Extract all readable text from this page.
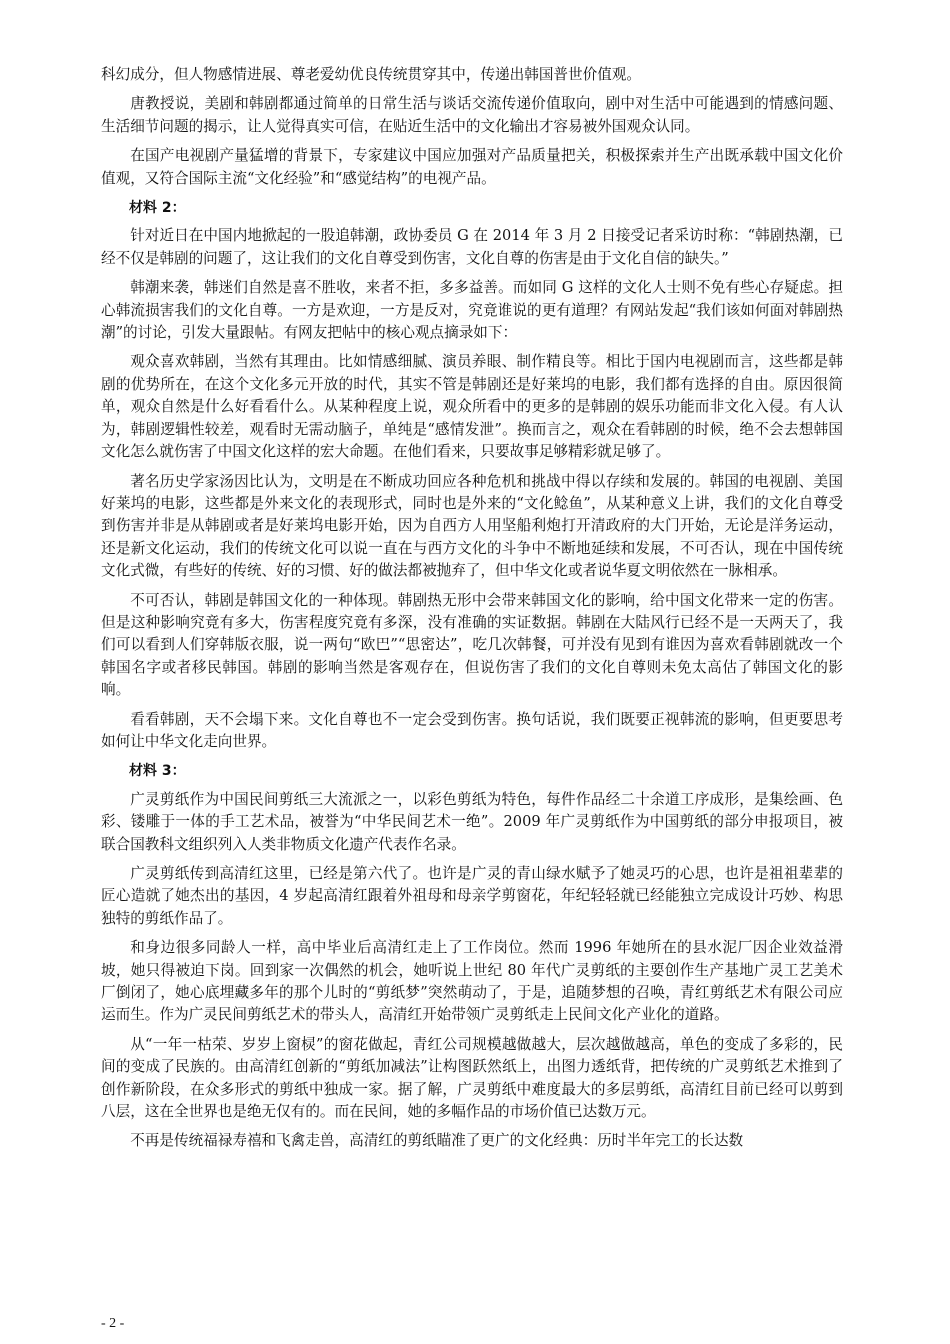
科幻成分，但人物感情进展、尊老爱幼优良传统贯穿其中，传递出韩国普世价值观。

唐教授说，美剧和韩剧都通过简单的日常生活与谈话交流传递价值取向，剧中对生活中可能遇到的情感问题、生活细节问题的揭示，让人觉得真实可信，在贴近生活中的文化输出才容易被外国观众认同。

在国产电视剧产量猛增的背景下，专家建议中国应加强对产品质量把关，积极探索并生产出既承载中国文化价值观，又符合国际主流“文化经验”和“感觉结构”的电视产品。

材料 2：

针对近日在中国内地掀起的一股追韩潮，政协委员 G 在 2014 年 3 月 2 日接受记者采访时称：“韩剧热潮，已经不仅是韩剧的问题了，这让我们的文化自尊受到伤害，文化自尊的伤害是由于文化自信的缺失。”

韩潮来袭，韩迷们自然是喜不胜收，来者不拒，多多益善。而如同 G 这样的文化人士则不免有些心存疑虑。担心韩流损害我们的文化自尊。一方是欢迎，一方是反对，究竟谁说的更有道理？有网站发起“我们该如何面对韩剧热潮”的讨论，引发大量跟帖。有网友把帖中的核心观点摘录如下：

观众喜欢韩剧，当然有其理由。比如情感细腻、演员养眼、制作精良等。相比于国内电视剧而言，这些都是韩剧的优势所在，在这个文化多元开放的时代，其实不管是韩剧还是好莱坞的电影，我们都有选择的自由。原因很简单，观众自然是什么好看看什么。从某种程度上说，观众所看中的更多的是韩剧的娱乐功能而非文化入侵。有人认为，韩剧逻辑性较差，观看时无需动脑子，单纯是“感情发泄”。换而言之，观众在看韩剧的时候，绝不会去想韩国文化怎么就伤害了中国文化这样的宏大命题。在他们看来，只要故事足够精彩就足够了。

著名历史学家汤因比认为，文明是在不断成功回应各种危机和挑战中得以存续和发展的。韩国的电视剧、美国好莱坞的电影，这些都是外来文化的表现形式，同时也是外来的“文化鲶鱼”，从某种意义上讲，我们的文化自尊受到伤害并非是从韩剧或者是好莱坞电影开始，因为自西方人用坚船利炮打开清政府的大门开始，无论是洋务运动，还是新文化运动，我们的传统文化可以说一直在与西方文化的斗争中不断地延续和发展，不可否认，现在中国传统文化式微，有些好的传统、好的习惯、好的做法都被抛弃了，但中华文化或者说华夏文明依然在一脉相承。

不可否认，韩剧是韩国文化的一种体现。韩剧热无形中会带来韩国文化的影响，给中国文化带来一定的伤害。但是这种影响究竟有多大，伤害程度究竟有多深，没有准确的实证数据。韩剧在大陆风行已经不是一天两天了，我们可以看到人们穿韩版衣服，说一两句“欧巴”“思密达”，吃几次韩餐，可并没有见到有谁因为喜欢看韩剧就改一个韩国名字或者移民韩国。韩剧的影响当然是客观存在，但说伤害了我们的文化自尊则未免太高估了韩国文化的影响。

看看韩剧，天不会塌下来。文化自尊也不一定会受到伤害。换句话说，我们既要正视韩流的影响，但更要思考如何让中华文化走向世界。

材料 3：

广灵剪纸作为中国民间剪纸三大流派之一，以彩色剪纸为特色，每件作品经二十余道工序成形，是集绘画、色彩、镂雕于一体的手工艺术品，被誉为“中华民间艺术一绝”。2009 年广灵剪纸作为中国剪纸的部分申报项目，被联合国教科文组织列入人类非物质文化遗产代表作名录。

广灵剪纸传到高清红这里，已经是第六代了。也许是广灵的青山绿水赋予了她灵巧的心思，也许是祖祖辈辈的匠心造就了她杰出的基因，4 岁起高清红跟着外祖母和母亲学剪窗花，年纪轻轻就已经能独立完成设计巧妙、构思独特的剪纸作品了。

和身边很多同龄人一样，高中毕业后高清红走上了工作岗位。然而 1996 年她所在的县水泥厂因企业效益滑坡，她只得被迫下岗。回到家一次偶然的机会，她听说上世纪 80 年代广灵剪纸的主要创作生产基地广灵工艺美术厂倒闭了，她心底埋藏多年的那个儿时的“剪纸梦”突然萌动了，于是，追随梦想的召唤，青红剪纸艺术有限公司应运而生。作为广灵民间剪纸艺术的带头人，高清红开始带领广灵剪纸走上民间文化产业化的道路。

从“一年一枯荣、岁岁上窗棂”的窗花做起，青红公司规模越做越大，层次越做越高，单色的变成了多彩的，民间的变成了民族的。由高清红创新的“剪纸加减法”让构图跃然纸上，出图力透纸背，把传统的广灵剪纸艺术推到了创作新阶段，在众多形式的剪纸中独成一家。据了解，广灵剪纸中难度最大的多层剪纸，高清红目前已经可以剪到八层，这在全世界也是绝无仅有的。而在民间，她的多幅作品的市场价值已达数万元。

不再是传统福禄寿禧和飞禽走兽，高清红的剪纸瞄准了更广的文化经典：历时半年完工的长达数

- 2 -
